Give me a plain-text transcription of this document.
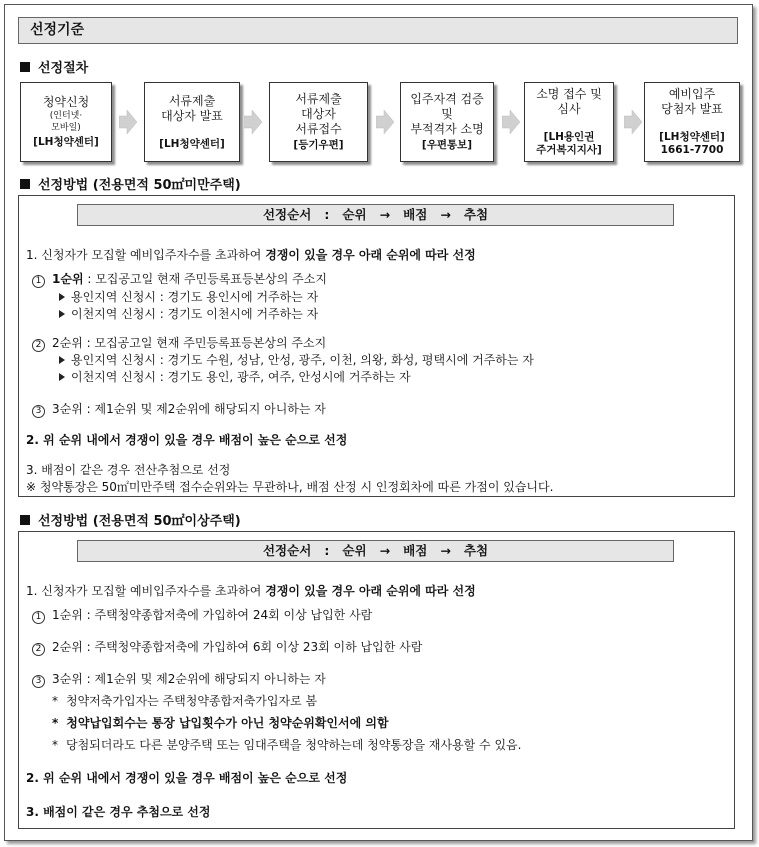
선정기준
선정절차
청약신청
(인터넷·
모바일)
[LH청약센터]
서류제출
대상자 발표
[LH청약센터]
서류제출
대상자
서류접수
[등기우편]
입주자격 검증
및
부적격자 소명
[우편통보]
소명 접수 및
심사
[LH용인권
주거복지지사]
예비입주
당첨자 발표
[LH청약센터]
1661-7700
선정방법 (전용면적 50㎡미만주택)
선정순서   :   순위   →   배점   →   추첨
1. 신청자가 모집할 예비입주자수를 초과하여 경쟁이 있을 경우 아래 순위에 따라 선정
1 1순위 : 모집공고일 현재 주민등록표등본상의 주소지
용인지역 신청시 : 경기도 용인시에 거주하는 자
이천지역 신청시 : 경기도 이천시에 거주하는 자
2 2순위 : 모집공고일 현재 주민등록표등본상의 주소지
용인지역 신청시 : 경기도 수원, 성남, 안성, 광주, 이천, 의왕, 화성, 평택시에 거주하는 자
이천지역 신청시 : 경기도 용인, 광주, 여주, 안성시에 거주하는 자
3 3순위 : 제1순위 및 제2순위에 해당되지 아니하는 자
2. 위 순위 내에서 경쟁이 있을 경우 배점이 높은 순으로 선정
3. 배점이 같은 경우 전산추첨으로 선정
※ 청약통장은 50㎡미만주택 접수순위와는 무관하나, 배점 산정 시 인정회차에 따른 가점이 있습니다.
선정방법 (전용면적 50㎡이상주택)
선정순서   :   순위   →   배점   →   추첨
1. 신청자가 모집할 예비입주자수를 초과하여 경쟁이 있을 경우 아래 순위에 따라 선정
1 1순위 : 주택청약종합저축에 가입하여 24회 이상 납입한 사람
2 2순위 : 주택청약종합저축에 가입하여 6회 이상 23회 이하 납입한 사람
3 3순위 : 제1순위 및 제2순위에 해당되지 아니하는 자
* 청약저축가입자는 주택청약종합저축가입자로 봄
* 청약납입회수는 통장 납입횟수가 아닌 청약순위확인서에 의함
* 당첨되더라도 다른 분양주택 또는 임대주택을 청약하는데 청약통장을 재사용할 수 있음.
2. 위 순위 내에서 경쟁이 있을 경우 배점이 높은 순으로 선정
3. 배점이 같은 경우 추첨으로 선정
